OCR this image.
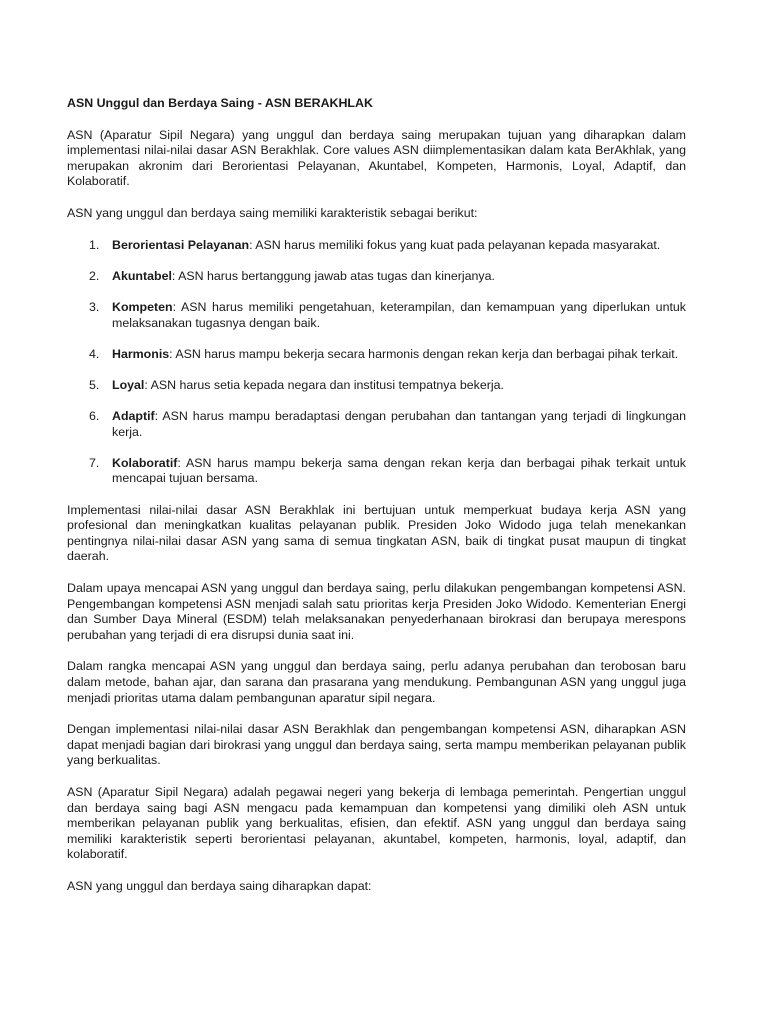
ASN Unggul dan Berdaya Saing - ASN BERAKHLAK

ASN (Aparatur Sipil Negara) yang unggul dan berdaya saing merupakan tujuan yang diharapkan dalam implementasi nilai-nilai dasar ASN Berakhlak. Core values ASN diimplementasikan dalam kata BerAkhlak, yang merupakan akronim dari Berorientasi Pelayanan, Akuntabel, Kompeten, Harmonis, Loyal, Adaptif, dan Kolaboratif.

ASN yang unggul dan berdaya saing memiliki karakteristik sebagai berikut:

1. Berorientasi Pelayanan: ASN harus memiliki fokus yang kuat pada pelayanan kepada masyarakat.
2. Akuntabel: ASN harus bertanggung jawab atas tugas dan kinerjanya.
3. Kompeten: ASN harus memiliki pengetahuan, keterampilan, dan kemampuan yang diperlukan untuk melaksanakan tugasnya dengan baik.
4. Harmonis: ASN harus mampu bekerja secara harmonis dengan rekan kerja dan berbagai pihak terkait.
5. Loyal: ASN harus setia kepada negara dan institusi tempatnya bekerja.
6. Adaptif: ASN harus mampu beradaptasi dengan perubahan dan tantangan yang terjadi di lingkungan kerja.
7. Kolaboratif: ASN harus mampu bekerja sama dengan rekan kerja dan berbagai pihak terkait untuk mencapai tujuan bersama.

Implementasi nilai-nilai dasar ASN Berakhlak ini bertujuan untuk memperkuat budaya kerja ASN yang profesional dan meningkatkan kualitas pelayanan publik. Presiden Joko Widodo juga telah menekankan pentingnya nilai-nilai dasar ASN yang sama di semua tingkatan ASN, baik di tingkat pusat maupun di tingkat daerah.

Dalam upaya mencapai ASN yang unggul dan berdaya saing, perlu dilakukan pengembangan kompetensi ASN. Pengembangan kompetensi ASN menjadi salah satu prioritas kerja Presiden Joko Widodo. Kementerian Energi dan Sumber Daya Mineral (ESDM) telah melaksanakan penyederhanaan birokrasi dan berupaya merespons perubahan yang terjadi di era disrupsi dunia saat ini.

Dalam rangka mencapai ASN yang unggul dan berdaya saing, perlu adanya perubahan dan terobosan baru dalam metode, bahan ajar, dan sarana dan prasarana yang mendukung. Pembangunan ASN yang unggul juga menjadi prioritas utama dalam pembangunan aparatur sipil negara.

Dengan implementasi nilai-nilai dasar ASN Berakhlak dan pengembangan kompetensi ASN, diharapkan ASN dapat menjadi bagian dari birokrasi yang unggul dan berdaya saing, serta mampu memberikan pelayanan publik yang berkualitas.

ASN (Aparatur Sipil Negara) adalah pegawai negeri yang bekerja di lembaga pemerintah. Pengertian unggul dan berdaya saing bagi ASN mengacu pada kemampuan dan kompetensi yang dimiliki oleh ASN untuk memberikan pelayanan publik yang berkualitas, efisien, dan efektif. ASN yang unggul dan berdaya saing memiliki karakteristik seperti berorientasi pelayanan, akuntabel, kompeten, harmonis, loyal, adaptif, dan kolaboratif.

ASN yang unggul dan berdaya saing diharapkan dapat:
